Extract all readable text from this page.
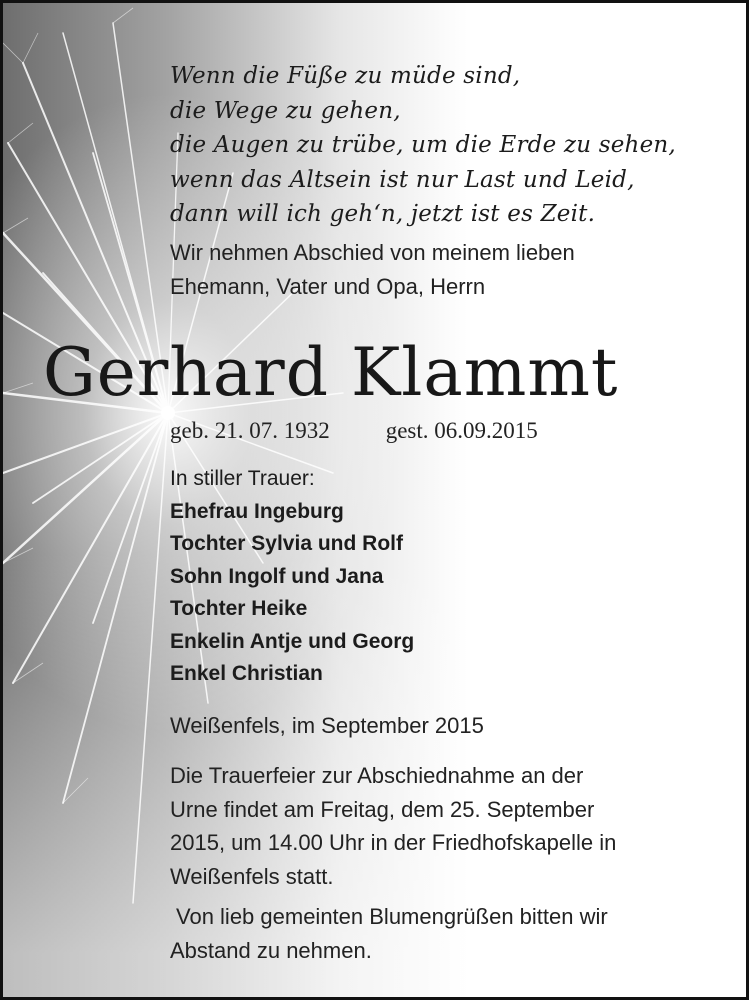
Wenn die Füße zu müde sind,
die Wege zu gehen,
die Augen zu trübe, um die Erde zu sehen,
wenn das Altsein ist nur Last und Leid,
dann will ich geh‘n, jetzt ist es Zeit.
Wir nehmen Abschied von meinem lieben
Ehemann, Vater und Opa, Herrn
Gerhard Klammt
geb. 21. 07. 1932 gest. 06.09.2015
In stiller Trauer:
Ehefrau Ingeburg
Tochter Sylvia und Rolf
Sohn Ingolf und Jana
Tochter Heike
Enkelin Antje und Georg
Enkel Christian
Weißenfels, im September 2015
Die Trauerfeier zur Abschiednahme an der
Urne findet am Freitag, dem 25. September
2015, um 14.00 Uhr in der Friedhofskapelle in
Weißenfels statt.
Von lieb gemeinten Blumengrüßen bitten wir
Abstand zu nehmen.
